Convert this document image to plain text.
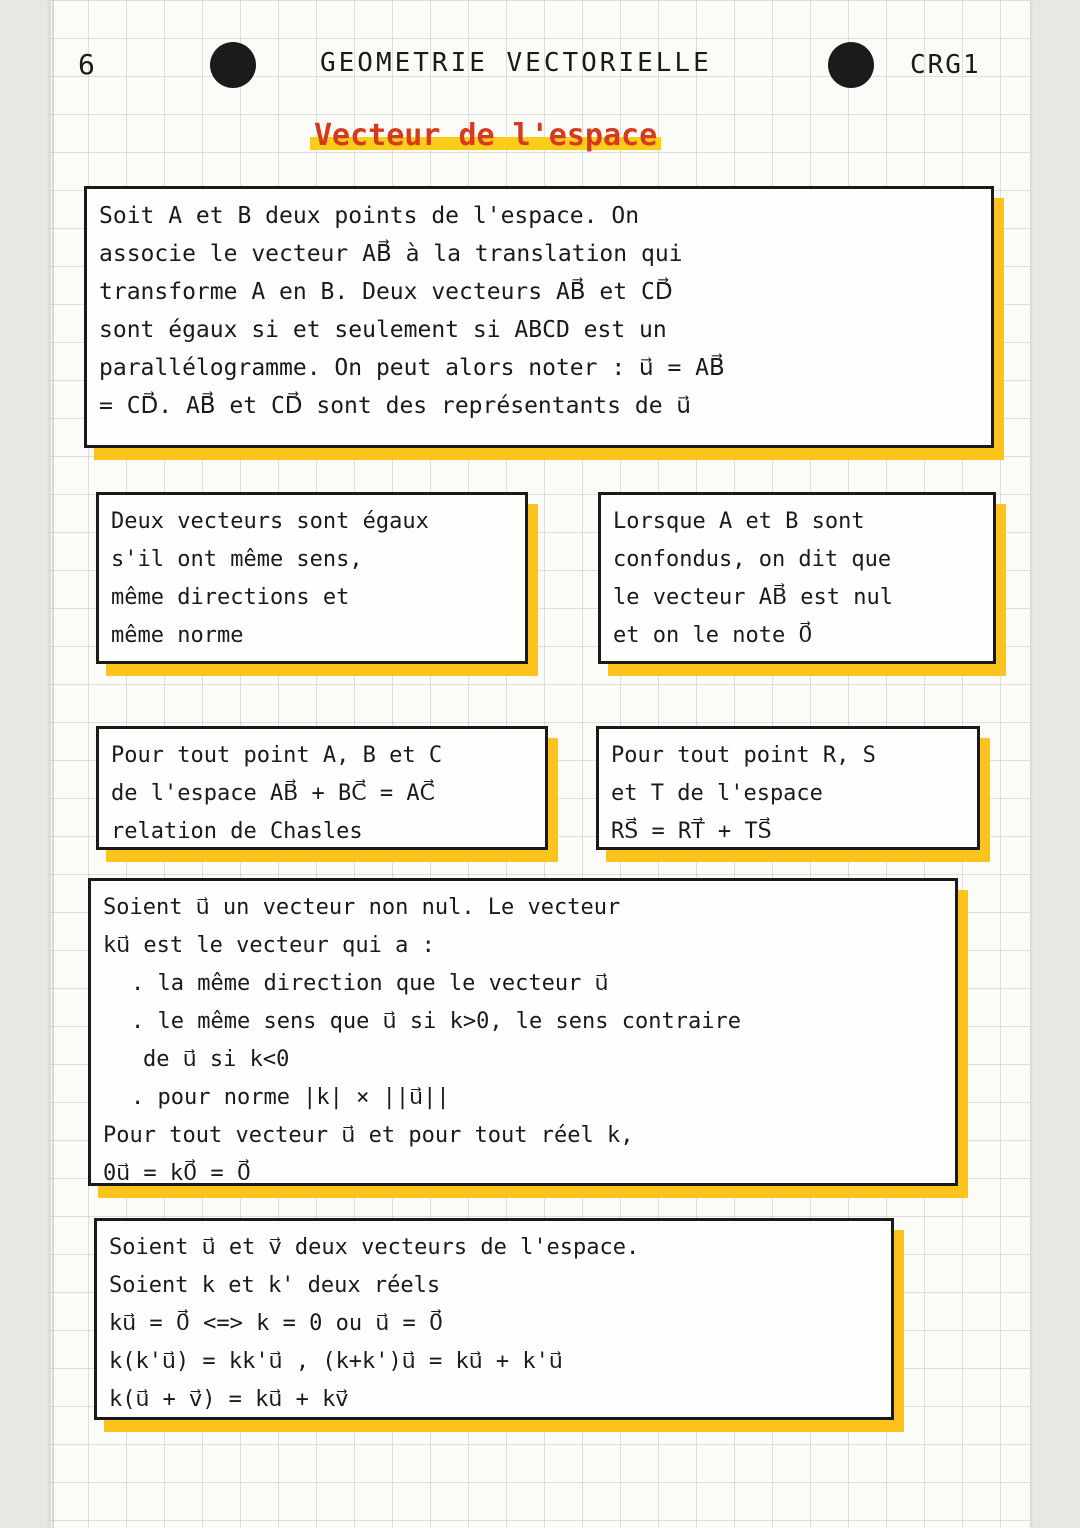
6	GEOMETRIE VECTORIELLE	CRG1
Vecteur de l'espace

Soit A et B deux points de l'espace. On

associe le vecteur AB⃗ à la translation qui

transforme A en B. Deux vecteurs AB⃗ et CD⃗

sont égaux si et seulement si ABCD est un

parallélogramme. On peut alors noter : u⃗ = AB⃗

= CD⃗. AB⃗ et CD⃗ sont des représentants de u⃗

Deux vecteurs sont égaux

s'il ont même sens,

même directions et

même norme

Lorsque A et B sont

confondus, on dit que

le vecteur AB⃗ est nul

et on le note 0⃗

Pour tout point A, B et C

de l'espace AB⃗ + BC⃗ = AC⃗

relation de Chasles

Pour tout point R, S

et T de l'espace

RS⃗ = RT⃗ + TS⃗

Soient u⃗ un vecteur non nul. Le vecteur

ku⃗ est le vecteur qui a :

. la même direction que le vecteur u⃗

. le même sens que u⃗ si k>0, le sens contraire

de u⃗ si k<0

. pour norme |k| × ||u⃗||

Pour tout vecteur u⃗ et pour tout réel k,

0u⃗ = k0⃗ = 0⃗

Soient u⃗ et v⃗ deux vecteurs de l'espace.

Soient k et k' deux réels

ku⃗ = 0⃗ <=> k = 0 ou u⃗ = 0⃗

k(k'u⃗) = kk'u⃗ , (k+k')u⃗ = ku⃗ + k'u⃗

k(u⃗ + v⃗) = ku⃗ + kv⃗
